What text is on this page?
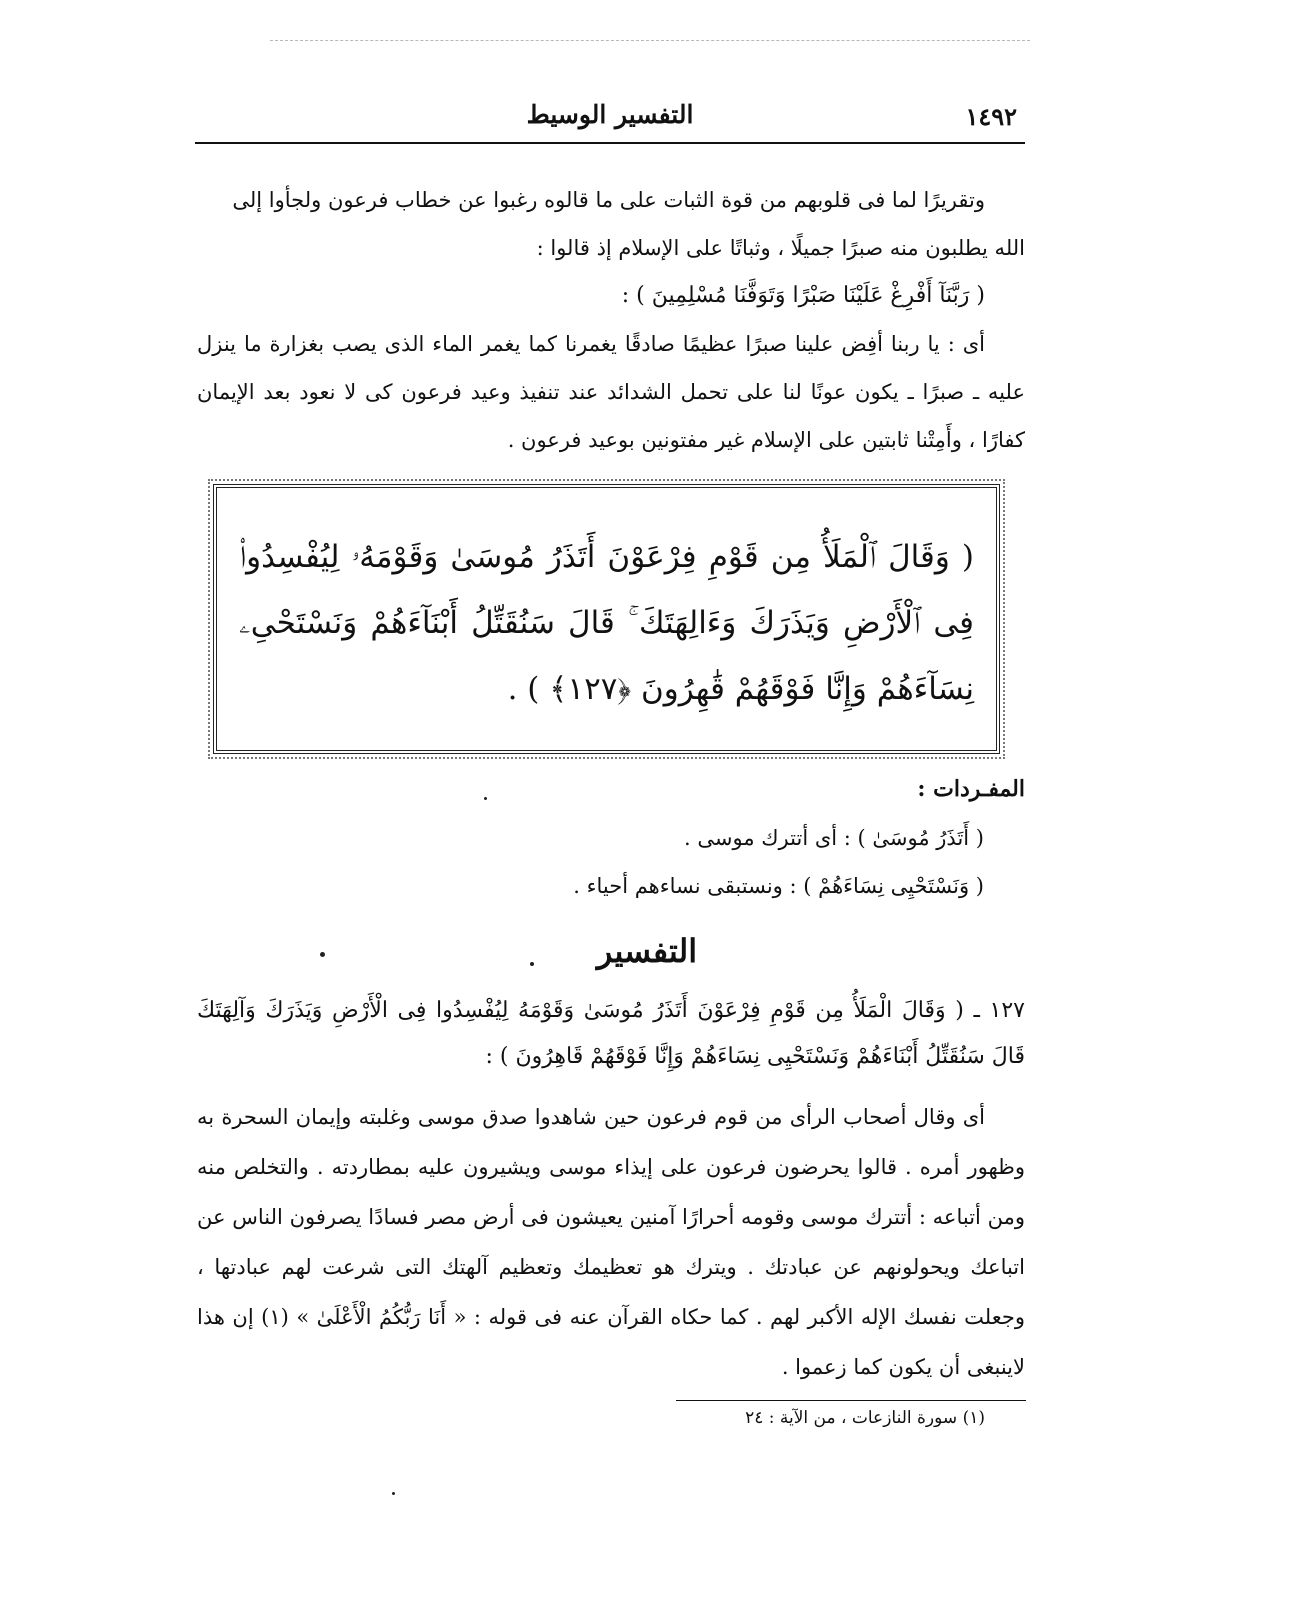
١٤٩٢
التفسير الوسيط

وتقريرًا لما فى قلوبهم من قوة الثبات على ما قالوه رغبوا عن خطاب فرعون ولجأوا إلى

الله يطلبون منه صبرًا جميلًا ، وثباتًا على الإسلام إذ قالوا :

( رَبَّنَآ أَفْرِغْ عَلَيْنَا صَبْرًا وَتَوَفَّنَا مُسْلِمِينَ ) :

أى : يا ربنا أفِض علينا صبرًا عظيمًا صادقًا يغمرنا كما يغمر الماء الذى يصب بغزارة ما ينزل عليه ـ صبرًا ـ يكون عونًا لنا على تحمل الشدائد عند تنفيذ وعيد فرعون كى لا نعود بعد الإيمان كفارًا ، وأَمِتْنا ثابتين على الإسلام غير مفتونين بوعيد فرعون .

( وَقَالَ ٱلْمَلَأُ مِن قَوْمِ فِرْعَوْنَ أَتَذَرُ مُوسَىٰ وَقَوْمَهُۥ لِيُفْسِدُوا۟ فِى ٱلْأَرْضِ وَيَذَرَكَ وَءَالِهَتَكَ ۚ قَالَ سَنُقَتِّلُ أَبْنَآءَهُمْ وَنَسْتَحْىِۦ نِسَآءَهُمْ وَإِنَّا فَوْقَهُمْ قَٰهِرُونَ ﴿١٢٧﴾ ) .
المفـردات :
( أَتَذَرُ مُوسَىٰ ) : أى أتترك موسى .
( وَنَسْتَحْيِى نِسَاءَهُمْ ) : ونستبقى نساءهم أحياء .
التفسير
١٢٧ ـ ( وَقَالَ الْمَلَأُ مِن قَوْمِ فِرْعَوْنَ أَتَذَرُ مُوسَىٰ وَقَوْمَهُ لِيُفْسِدُوا فِى الْأَرْضِ وَيَذَرَكَ وَآلِهَتَكَ قَالَ سَنُقَتِّلُ أَبْنَاءَهُمْ وَنَسْتَحْيِى نِسَاءَهُمْ وَإِنَّا فَوْقَهُمْ قَاهِرُونَ ) :
أى وقال أصحاب الرأى من قوم فرعون حين شاهدوا صدق موسى وغلبته وإيمان السحرة به وظهور أمره . قالوا يحرضون فرعون على إيذاء موسى ويشيرون عليه بمطاردته . والتخلص منه ومن أتباعه : أتترك موسى وقومه أحرارًا آمنين يعيشون فى أرض مصر فسادًا يصرفون الناس عن اتباعك ويحولونهم عن عبادتك . ويترك هو تعظيمك وتعظيم آلهتك التى شرعت لهم عبادتها ، وجعلت نفسك الإله الأكبر لهم . كما حكاه القرآن عنه فى قوله : « أَنَا رَبُّكُمُ الْأَعْلَىٰ » (١) إن هذا لاينبغى أن يكون كما زعموا .
(١) سورة النازعات ، من الآية : ٢٤
